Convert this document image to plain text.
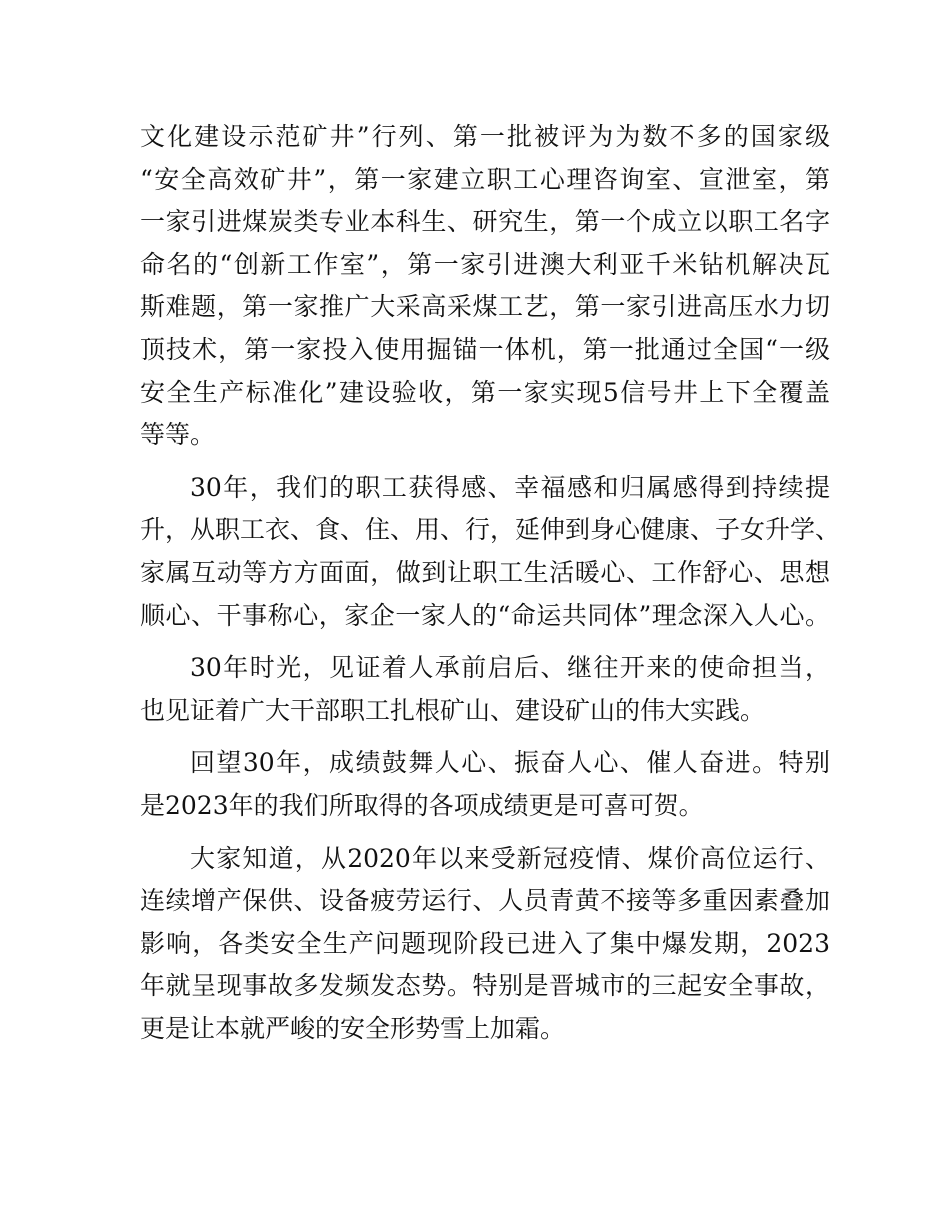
文化建设示范矿井”行列、第一批被评为为数不多的国家级
“安全高效矿井”，第一家建立职工心理咨询室、宣泄室，第
一家引进煤炭类专业本科生、研究生，第一个成立以职工名字
命名的“创新工作室”，第一家引进澳大利亚千米钻机解决瓦
斯难题，第一家推广大采高采煤工艺，第一家引进高压水力切
顶技术，第一家投入使用掘锚一体机，第一批通过全国“一级
安全生产标准化”建设验收，第一家实现5信号井上下全覆盖
等等。
30年，我们的职工获得感、幸福感和归属感得到持续提
升，从职工衣、食、住、用、行，延伸到身心健康、子女升学、
家属互动等方方面面，做到让职工生活暖心、工作舒心、思想
顺心、干事称心，家企一家人的“命运共同体”理念深入人心。
30年时光，见证着人承前启后、继往开来的使命担当，
也见证着广大干部职工扎根矿山、建设矿山的伟大实践。
回望30年，成绩鼓舞人心、振奋人心、催人奋进。特别
是2023年的我们所取得的各项成绩更是可喜可贺。
大家知道，从2020年以来受新冠疫情、煤价高位运行、
连续增产保供、设备疲劳运行、人员青黄不接等多重因素叠加
影响，各类安全生产问题现阶段已进入了集中爆发期，2023
年就呈现事故多发频发态势。特别是晋城市的三起安全事故，
更是让本就严峻的安全形势雪上加霜。
